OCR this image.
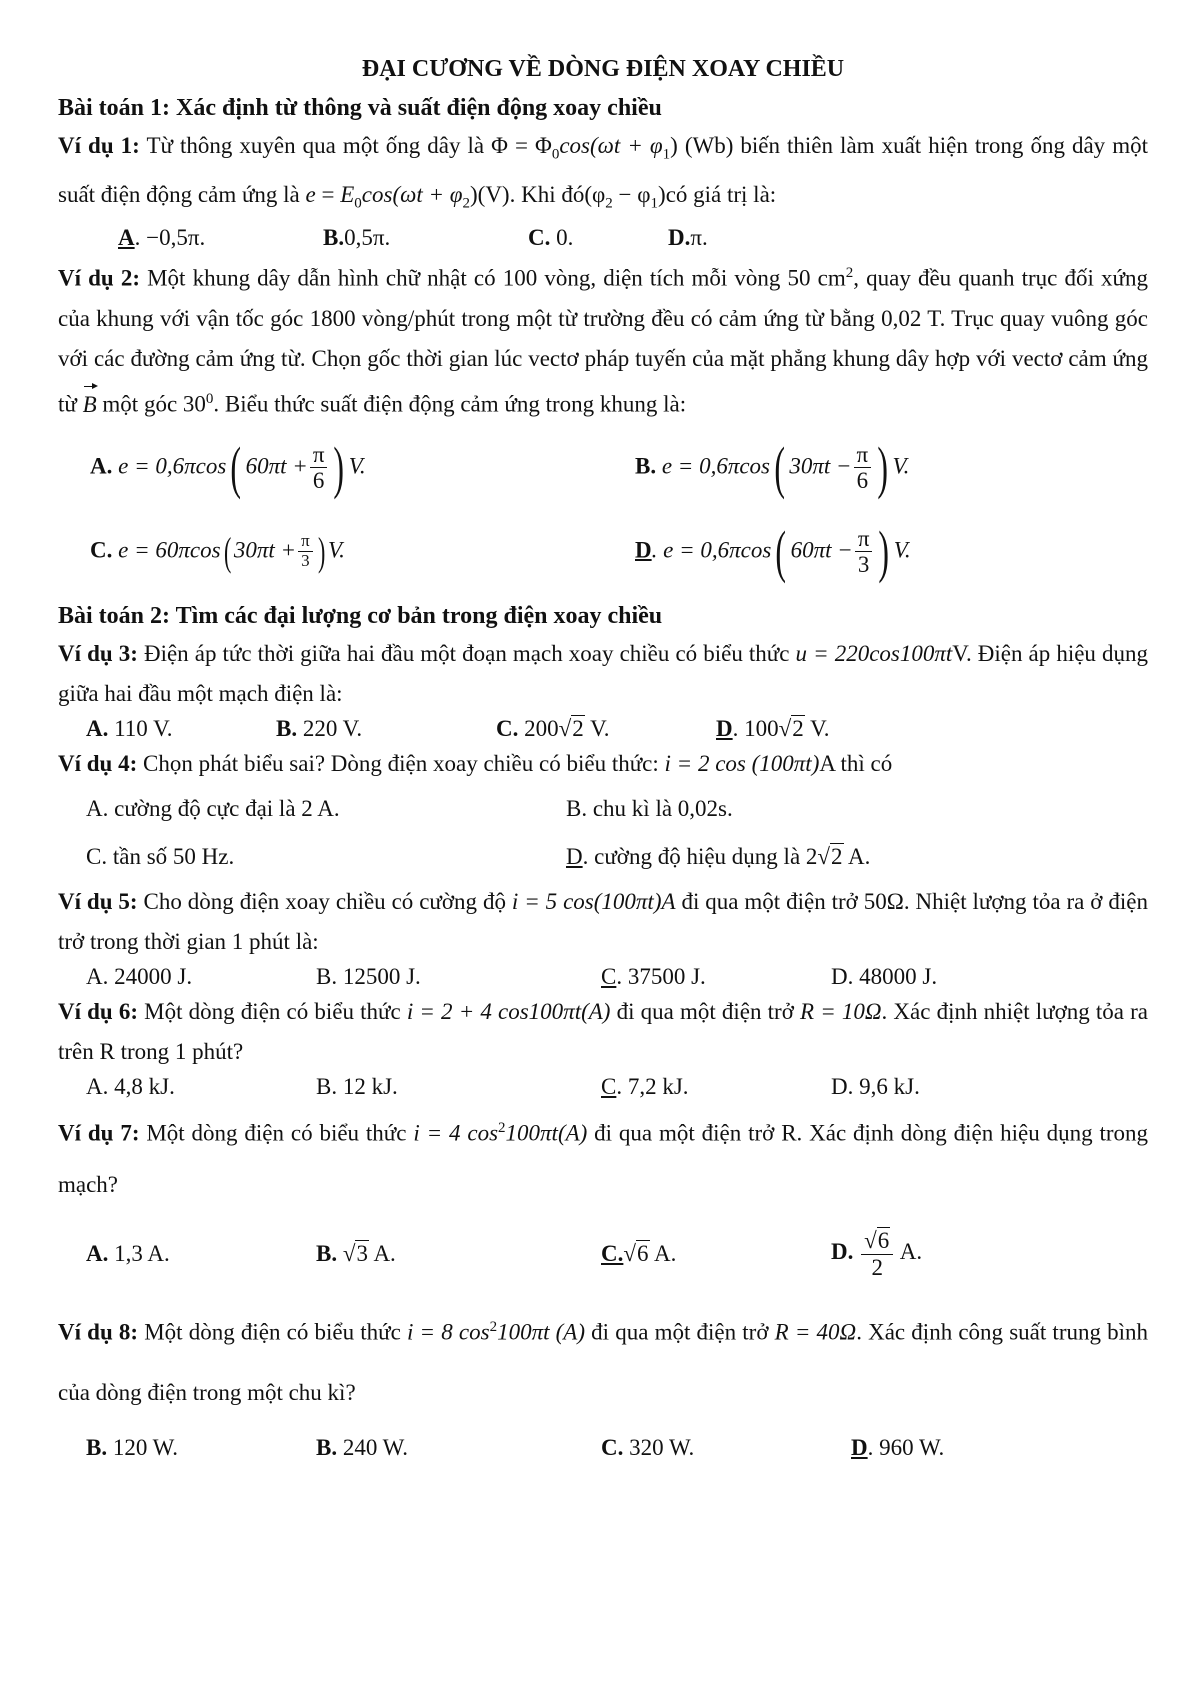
ĐẠI CƯƠNG VỀ DÒNG ĐIỆN XOAY CHIỀU
Bài toán 1: Xác định từ thông và suất điện động xoay chiều

Ví dụ 1: Từ thông xuyên qua một ống dây là $\Phi = \Phi_0\cos(\omega t + \varphi_1)$ (Wb) biến thiên làm xuất hiện trong ống dây một suất điện động cảm ứng là $e = E_0\cos(\omega t + \varphi_2)(V)$. Khi $đó(\varphi_2$ − $\varphi_1)có$ giá trị là:

A. −0,5π.	B.0,5π.	C. 0.	D.π.

Ví dụ 2: Một khung dây dẫn hình chữ nhật có 100 vòng, diện tích mỗi vòng 50 $cm^2$, quay đều quanh trục đối xứng của khung với vận tốc góc 1800 vòng/phút trong một từ trường đều có cảm ứng từ bằng 0,02 T. Trục quay vuông góc với các đường cảm ứng từ. Chọn gốc thời gian lúc vectơ pháp tuyến của mặt phẳng khung dây hợp với vectơ cảm ứng từ B một góc $30^0$. Biểu thức suất điện động cảm ứng trong khung là:

A. e = 0,6πcos( $60\pi t + \frac{\pi}{6}$ ) V.	B. e = 0,6πcos( $30\pi t - \frac{\pi}{6}$ ) V.
C. e = 60πcos( $30\pi t + \frac{\pi}{3}$ ) V.	D. e = 0,6πcos( $60\pi t - \frac{\pi}{3}$ ) V.
Bài toán 2: Tìm các đại lượng cơ bản trong điện xoay chiều

Ví dụ 3: Điện áp tức thời giữa hai đầu một đoạn mạch xoay chiều có biểu thức u = 220cos100πtV. Điện áp hiệu dụng giữa hai đầu một mạch điện là:

A. 110 V.	B. 220 V.	C. 200√2 V.	D. 100√2 V.

Ví dụ 4: Chọn phát biểu sai? Dòng điện xoay chiều có biểu thức: i = 2 cos (100πt)A thì có

A. cường độ cực đại là 2 A.	B. chu kì là 0,02s.
C. tần số 50 Hz.	D. cường độ hiệu dụng là 2√2 A.

Ví dụ 5: Cho dòng điện xoay chiều có cường độ i = 5 cos(100πt)A đi qua một điện trở 50Ω. Nhiệt lượng tỏa ra ở điện trở trong thời gian 1 phút là:

A. 24000 J.	B. 12500 J.	C. 37500 J.	D. 48000 J.

Ví dụ 6: Một dòng điện có biểu thức i = 2 + 4 cos100πt(A) đi qua một điện trở R = 10Ω. Xác định nhiệt lượng tỏa ra trên R trong 1 phút?

A. 4,8 kJ.	B. 12 kJ.	C. 7,2 kJ.	D. 9,6 kJ.

Ví dụ 7: Một dòng điện có biểu thức i = 4 $\cos^2100\pi t(A)$ đi qua một điện trở R. Xác định dòng điện hiệu dụng trong mạch?

A. 1,3 A.	B. √3 A.	C.√6 A.	D. $\frac{√6}{2} A$.

Ví dụ 8: Một dòng điện có biểu thức i = 8 $\cos^2100\pi t$ (A) đi qua một điện trở R = 40Ω. Xác định công suất trung bình của dòng điện trong một chu kì?

B. 120 W.	B. 240 W.	C. 320 W.	D. 960 W.
